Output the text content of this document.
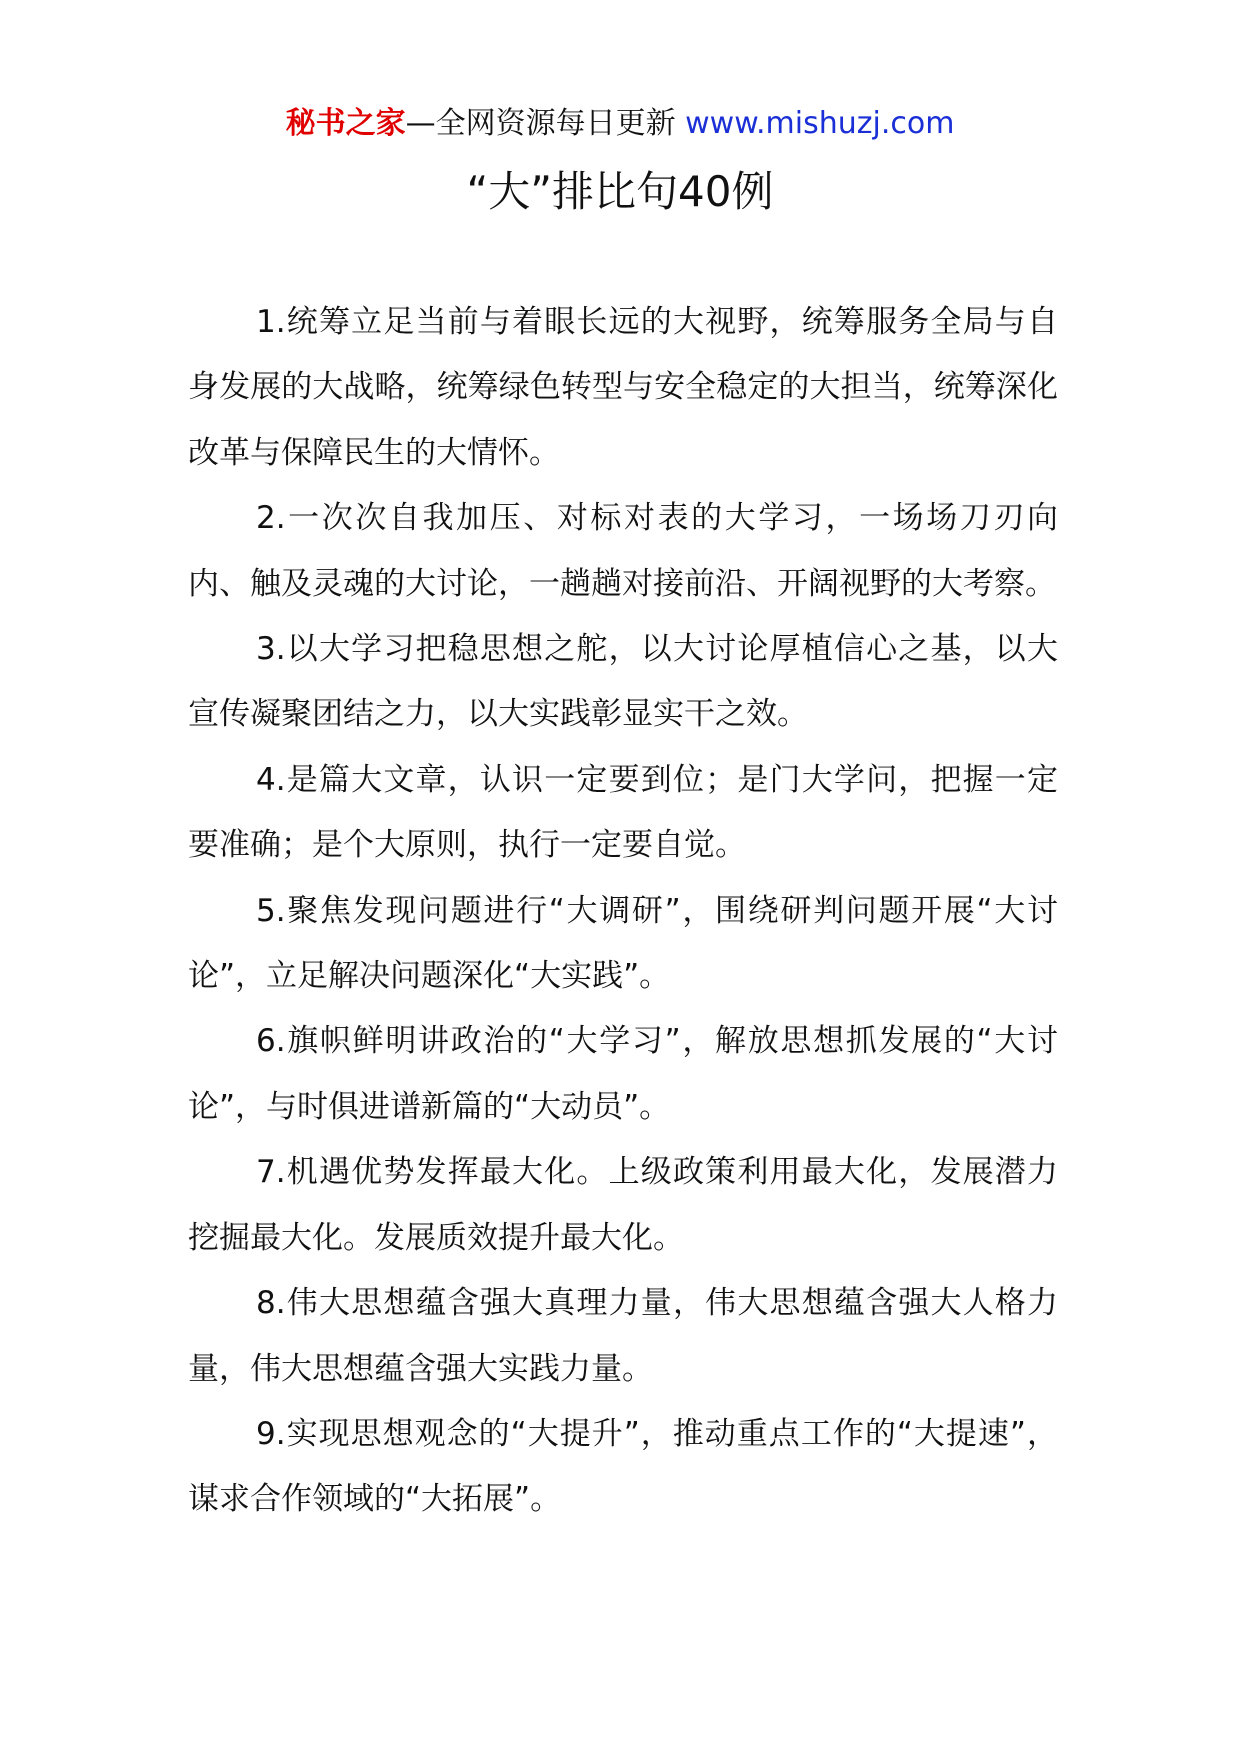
秘书之家—全网资源每日更新 www.mishuzj.com
“大”排比句40例

1.统筹立足当前与着眼长远的大视野，统筹服务全局与自身发展的大战略，统筹绿色转型与安全稳定的大担当，统筹深化改革与保障民生的大情怀。

2.一次次自我加压、对标对表的大学习，一场场刀刃向内、触及灵魂的大讨论，一趟趟对接前沿、开阔视野的大考察。

3.以大学习把稳思想之舵，以大讨论厚植信心之基，以大宣传凝聚团结之力，以大实践彰显实干之效。

4.是篇大文章，认识一定要到位；是门大学问，把握一定要准确；是个大原则，执行一定要自觉。

5.聚焦发现问题进行“大调研”，围绕研判问题开展“大讨论”，立足解决问题深化“大实践”。

6.旗帜鲜明讲政治的“大学习”，解放思想抓发展的“大讨论”，与时俱进谱新篇的“大动员”。

7.机遇优势发挥最大化。上级政策利用最大化，发展潜力挖掘最大化。发展质效提升最大化。

8.伟大思想蕴含强大真理力量，伟大思想蕴含强大人格力量，伟大思想蕴含强大实践力量。

9.实现思想观念的“大提升”，推动重点工作的“大提速”，谋求合作领域的“大拓展”。
